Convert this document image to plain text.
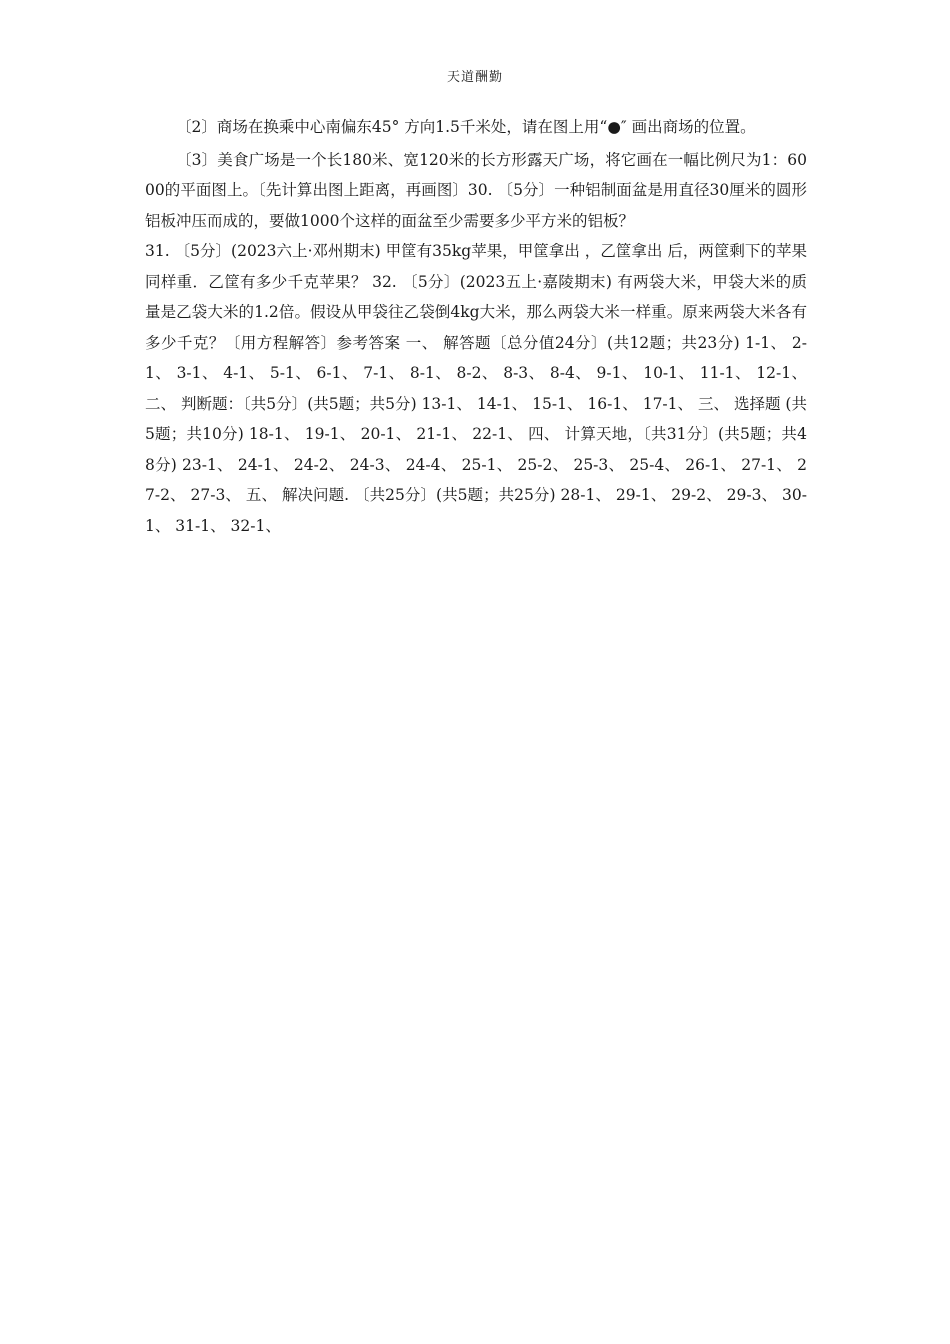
天道酬勤

〔2〕商场在换乘中心南偏东45° 方向1.5千米处，请在图上用“●″ 画出商场的位置。

〔3〕美食广场是一个长180米、宽120米的长方形露天广场，将它画在一幅比例尺为1：6000的平面图上。〔先计算出图上距离，再画图〕30. 〔5分〕一种铝制面盆是用直径30厘米的圆形铝板冲压而成的，要做1000个这样的面盆至少需要多少平方米的铝板？

31. 〔5分〕(2023六上·邓州期末) 甲筐有35kg苹果，甲筐拿出 ，乙筐拿出 后，两筐剩下的苹果同样重．乙筐有多少千克苹果？ 32. 〔5分〕(2023五上·嘉陵期末) 有两袋大米，甲袋大米的质量是乙袋大米的1.2倍。假设从甲袋往乙袋倒4kg大米，那么两袋大米一样重。原来两袋大米各有多少千克？〔用方程解答〕参考答案 一、 解答题〔总分值24分〕(共12题；共23分) 1-1、 2-1、 3-1、 4-1、 5-1、 6-1、 7-1、 8-1、 8-2、 8-3、 8-4、 9-1、 10-1、 11-1、 12-1、 二、 判断题：〔共5分〕(共5题；共5分) 13-1、 14-1、 15-1、 16-1、 17-1、 三、 选择题 (共5题；共10分) 18-1、 19-1、 20-1、 21-1、 22-1、 四、 计算天地，〔共31分〕(共5题；共48分) 23-1、 24-1、 24-2、 24-3、 24-4、 25-1、 25-2、 25-3、 25-4、 26-1、 27-1、 27-2、 27-3、 五、 解决问题. 〔共25分〕(共5题；共25分) 28-1、 29-1、 29-2、 29-3、 30-1、 31-1、 32-1、
